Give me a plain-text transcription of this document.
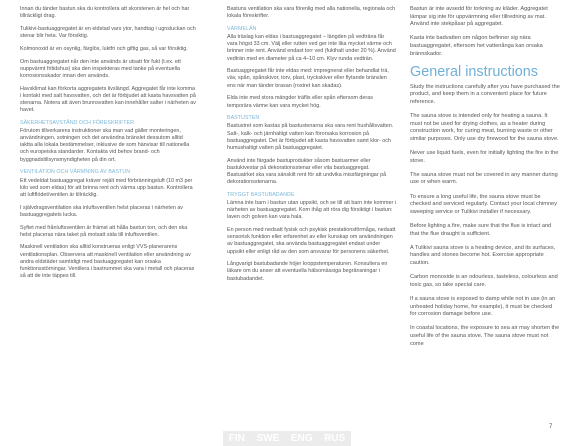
Innan du tänder bastun ska du kontrollera att skorstenen är hel och har tillräckligt drag.

Tulikivi-bastuaggregatet är en eldstad vars ytor, handtag i ugnsluckan och stenar blir heta. Var försiktig.

Kolmonoxid är en osynlig, färglös, luktfri och giftig gas, så var försiktig.

Om bastuaggregatet når den inte används är utsatt för fukt (t.ex. ett ouppvärmt fritidshus) ska den inspekteras med tanke på eventuella korrosionsskador innan den används.

Havsklimat kan förkorta aggregatets livslängd. Aggregatet får inte komma i kontakt med salt havsvatten, och det är förbjudet att kasta havsvatten på stenarna. Notera att även brunnsvatten kan innehåller salter i närheten av havet.

SÄKERHETSAVSTÅND OCH FÖRESKRIFTER

Förutom tillverkarens instruktioner ska man vad gäller monteringen, användningen, sotningen och det användna bränslet dessutom alltid iaktta alla lokala bestämmelser, inklusive de som hänvisar till nationella och europeiska standarder. Kontakta vid behov brand- och byggnadstillsynsmyndigheten på din ort.

VENTILATION OCH VÄRMNING AV BASTUN

Ett vedeldat bastuaggregat kräver rejält med förbränningsluft (10 m3 per kilo ved som eldas) för att brinna rent och värma upp bastun. Kontrollera att luftflödet/ventilen är tillräcklig.

I självdragsventilation ska inluftsventilen helst placeras i närheten av bastuaggregatets lucka.

Syftet med frånluftsventilen är främst att hålla bastun torr, och den ska helst placeras nära taket på motsatt sida till inluftsventilen.

Maskinell ventilation ska alltid konstrueras enligt VVS-planerarens ventilationsplan. Observera att maskinell ventilation eller användning av andra eldstäder samtidigt med bastuaggregatet kan orsaka funktionsstörningar. Ventilera i bastrummet ska vara i metall och placeras så att de inte täppes till.

Bastuns ventilation ska vara förenlig med alla nationella, regionala och lokala föreskrifter.

VÄRMELÄN

Alla träslag kan eldas i bastuaggregatet – längden på vedträna får vara högst 33 cm. Välj eller rutten ved ger inte lika mycket värme och brinner inte rent. Använd endast torr ved (fukthalt under 20 %). Använd vedträn med en diameter på ca 4–10 cm. Klyv runda vedträn.

Bastuaggregatet får inte eldas med: impregnerat eller behandlat trä, väv, spån, spånskivor, torv, plast, tryckskiver eller flytande bränslen ens när man tänder brasan (rostret kan skadas).

Elda inte med stora mängder träflis eller spån eftersom deras temporära värme kan vara mycket hög.

BASTUSTEN

Bastustret som kastas på bastustenarna ska vara rent hushållsvatten. Salt-, kalk- och järnhaltigt vatten kan förorsaka korrosion på bastuaggregatet. Det är förbjudet att kasta havsvatten samt klor- och humushaltigt vatten på bastuaggregatet.

Använd inte färgade bastuprodukter såsom bastuarmer eller bastukivestar på dekorationsstenar eller vita bastuaggregat. Bastuatrket ska vara sänskilt rent för att undvika missfärgningar på dekorationsstenarna.

TRYGGT BASTUBADANDE

Lämna inte barn i bastun utan uppsikt, och se till att barn inte kommer i närheten av bastuaggregatet. Kom ihåg att röra dig försiktigt i bastun: laven och golven kan vara hala.

En person med nedsatt fysisk och psykisk prestationsförmåga, nedsatt sensorisk funktion eller erfarenhet av eller kunskap om användningen av bastuaggregatet, ska använda bastuaggregatet endast under uppsikt eller enligt råd av den som ansvarar för personens säkerhet.

Långvarigt bastubadande höjer kroppstemperaturen. Konsultera en läkare om du anser att eventuella hälsomässiga begränsningar i bastubadandet.

Bastun är inte avsedd för torkning av kläder. Aggregatet lämpar sig inte för uppvärmning eller tillredning av mat. Använd inte stekpåsar på aggregatet.

Kasta inte badvatten om någon befinner sig nära bastuaggregatet, eftersom het vattenånga kan orsaka brännskador.

General instructions

Study the instructions carefully after you have purchased the product, and keep them in a convenient place for future reference.

The sauna stove is intended only for heating a sauna. It must not be used for drying clothes, as a heater during construction work, for curing meat, burning waste or other similar purposes. Only use dry firewood for the sauna stove.

Never use liquid fuels, even for initially lighting the fire in the stove.

The sauna stove must not be covered in any manner during use or when warm.

To ensure a long useful life, the sauna stove must be checked and serviced regularly. Contact your local chimney sweeping service or Tulikivi installer if necessary.

Before lighting a fire, make sure that the flue is intact and that the flue draught is sufficient.

A Tulikivi sauna stove is a heating device, and its surfaces, handles and stones become hot. Exercise appropriate caution.

Carbon monoxide is an odourless, tasteless, colourless and toxic gas, so take special care.

If a sauna stove is exposed to damp while not in use (in an unheated holiday home, for example), it must be checked for corrosion damage before use.

In coastal locations, the exposure to sea air may shorten the useful life of the sauna stove. The sauna stove must not come

7
FIN SWE ENG RUS
